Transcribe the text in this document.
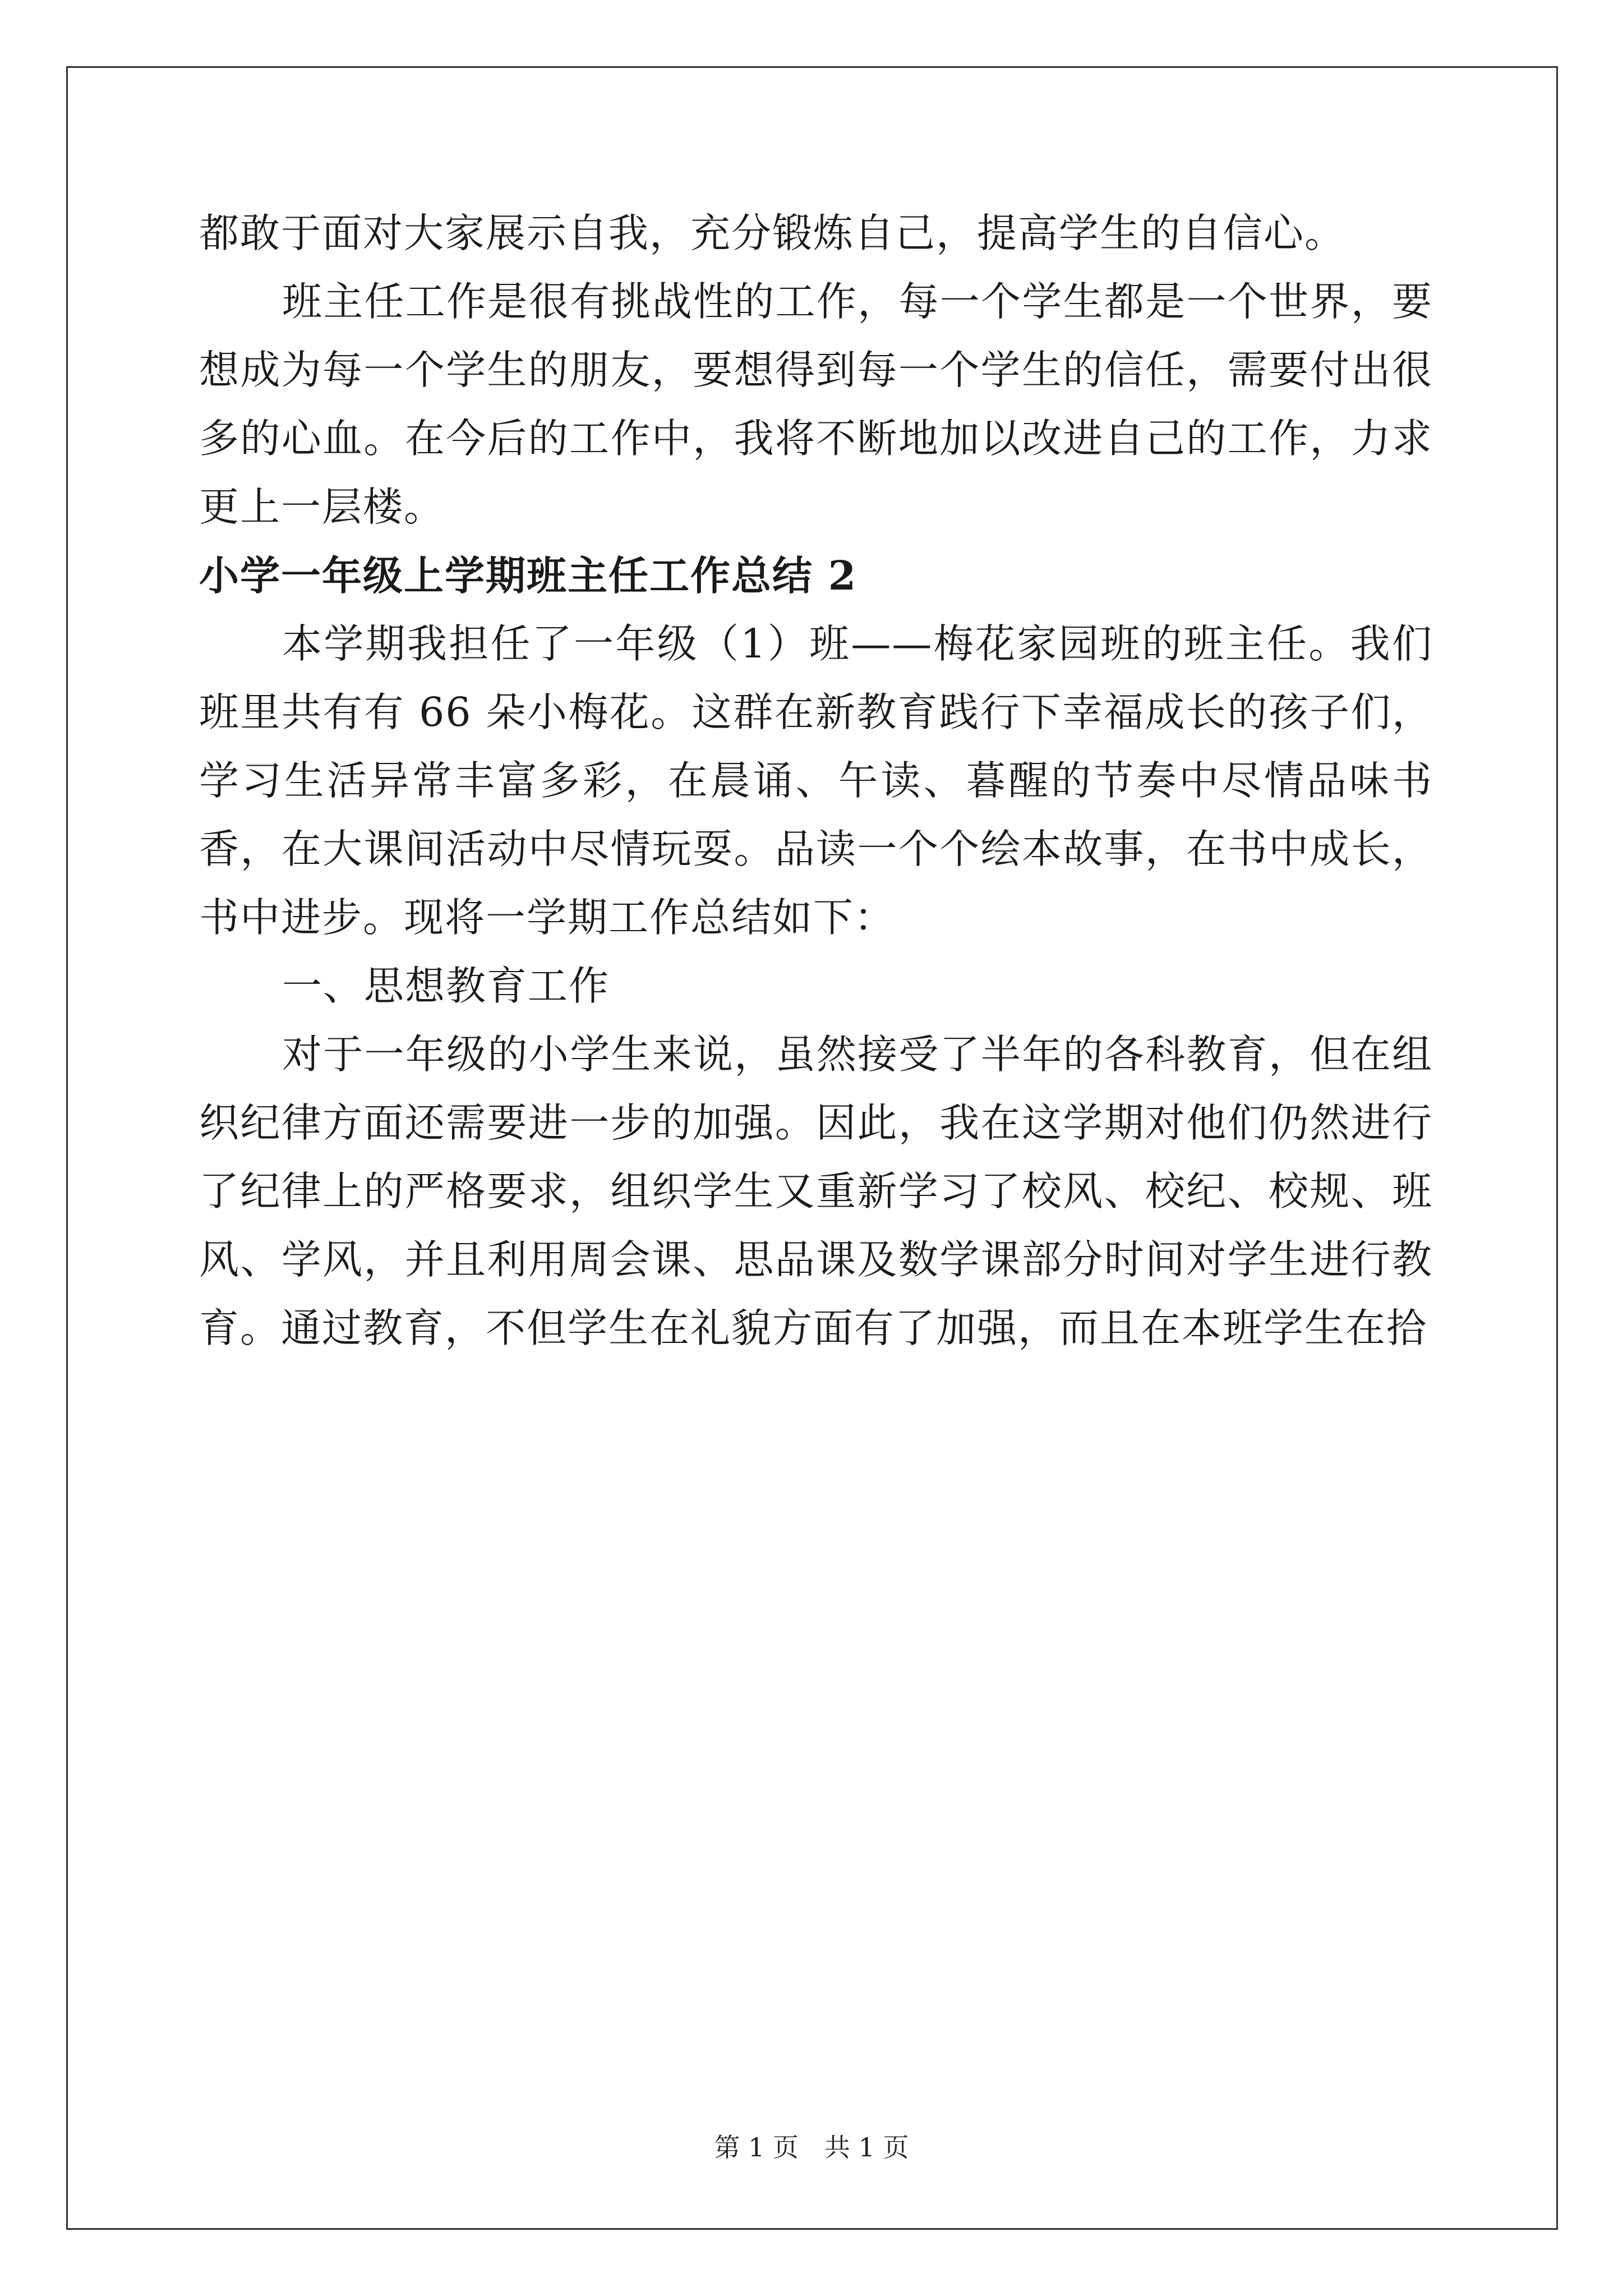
都敢于面对大家展示自我，充分锻炼自己，提高学生的自信心。

班主任工作是很有挑战性的工作，每一个学生都是一个世界，要想成为每一个学生的朋友，要想得到每一个学生的信任，需要付出很多的心血。在今后的工作中，我将不断地加以改进自己的工作，力求更上一层楼。

小学一年级上学期班主任工作总结 2

本学期我担任了一年级（1）班——梅花家园班的班主任。我们班里共有有 66 朵小梅花。这群在新教育践行下幸福成长的孩子们，学习生活异常丰富多彩，在晨诵、午读、暮醒的节奏中尽情品味书香，在大课间活动中尽情玩耍。品读一个个绘本故事，在书中成长，书中进步。现将一学期工作总结如下：

一、思想教育工作

对于一年级的小学生来说，虽然接受了半年的各科教育，但在组织纪律方面还需要进一步的加强。因此，我在这学期对他们仍然进行了纪律上的严格要求，组织学生又重新学习了校风、校纪、校规、班风、学风，并且利用周会课、思品课及数学课部分时间对学生进行教育。通过教育，不但学生在礼貌方面有了加强，而且在本班学生在拾

第 1 页 共 1 页
